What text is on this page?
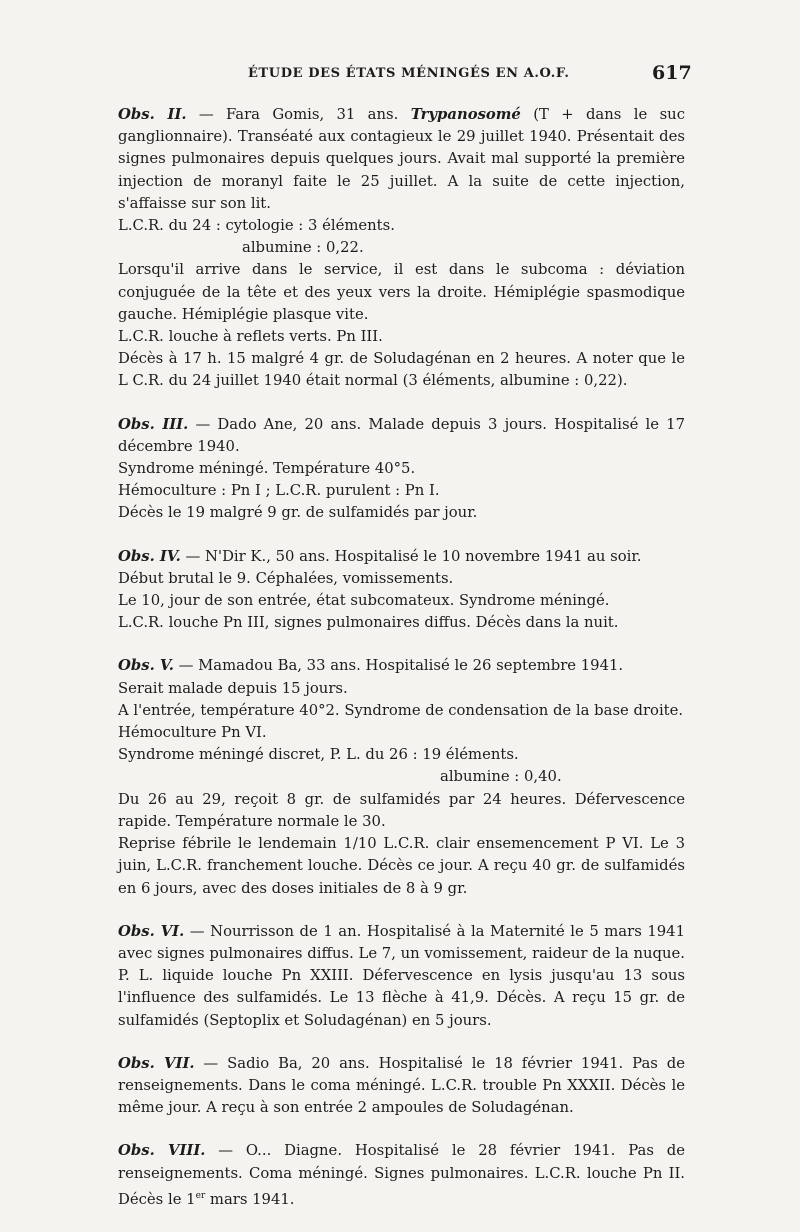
ÉTUDE DES ÉTATS MÉNINGÉS EN A.O.F.	617

Obs. II. — Fara Gomis, 31 ans. Trypanosomé (T + dans le suc ganglionnaire). Transéaté aux contagieux le 29 juillet 1940. Présentait des signes pulmonaires depuis quelques jours. Avait mal supporté la première injection de moranyl faite le 25 juillet. A la suite de cette injection, s'affaisse sur son lit.

L.C.R. du 24 : cytologie : 3 éléments.

albumine : 0,22.

Lorsqu'il arrive dans le service, il est dans le subcoma : déviation conjuguée de la tête et des yeux vers la droite. Hémiplégie spasmodique gauche. Hémiplégie plasque vite.

L.C.R. louche à reflets verts. Pn III.

Décès à 17 h. 15 malgré 4 gr. de Soludagénan en 2 heures. A noter que le L C.R. du 24 juillet 1940 était normal (3 éléments, albumine : 0,22).

Obs. III. — Dado Ane, 20 ans. Malade depuis 3 jours. Hospitalisé le 17 décembre 1940.

Syndrome méningé. Température 40°5.

Hémoculture : Pn I ; L.C.R. purulent : Pn I.

Décès le 19 malgré 9 gr. de sulfamidés par jour.

Obs. IV. — N'Dir K., 50 ans. Hospitalisé le 10 novembre 1941 au soir.

Début brutal le 9. Céphalées, vomissements.

Le 10, jour de son entrée, état subcomateux. Syndrome méningé.

L.C.R. louche Pn III, signes pulmonaires diffus. Décès dans la nuit.

Obs. V. — Mamadou Ba, 33 ans. Hospitalisé le 26 septembre 1941.

Serait malade depuis 15 jours.

A l'entrée, température 40°2. Syndrome de condensation de la base droite.

Hémoculture Pn VI.

Syndrome méningé discret, P. L. du 26 : 19 éléments.

albumine : 0,40.

Du 26 au 29, reçoit 8 gr. de sulfamidés par 24 heures. Défervescence rapide. Température normale le 30.

Reprise fébrile le lendemain 1/10 L.C.R. clair ensemencement P VI. Le 3 juin, L.C.R. franchement louche. Décès ce jour. A reçu 40 gr. de sulfamidés en 6 jours, avec des doses initiales de 8 à 9 gr.

Obs. VI. — Nourrisson de 1 an. Hospitalisé à la Maternité le 5 mars 1941 avec signes pulmonaires diffus. Le 7, un vomissement, raideur de la nuque. P. L. liquide louche Pn XXIII. Défervescence en lysis jusqu'au 13 sous l'influence des sulfamidés. Le 13 flèche à 41,9. Décès. A reçu 15 gr. de sulfamidés (Septoplix et Soludagénan) en 5 jours.

Obs. VII. — Sadio Ba, 20 ans. Hospitalisé le 18 février 1941. Pas de renseignements. Dans le coma méningé. L.C.R. trouble Pn XXXII. Décès le même jour. A reçu à son entrée 2 ampoules de Soludagénan.

Obs. VIII. — O... Diagne. Hospitalisé le 28 février 1941. Pas de renseignements. Coma méningé. Signes pulmonaires. L.C.R. louche Pn II. Décès le 1er mars 1941.
